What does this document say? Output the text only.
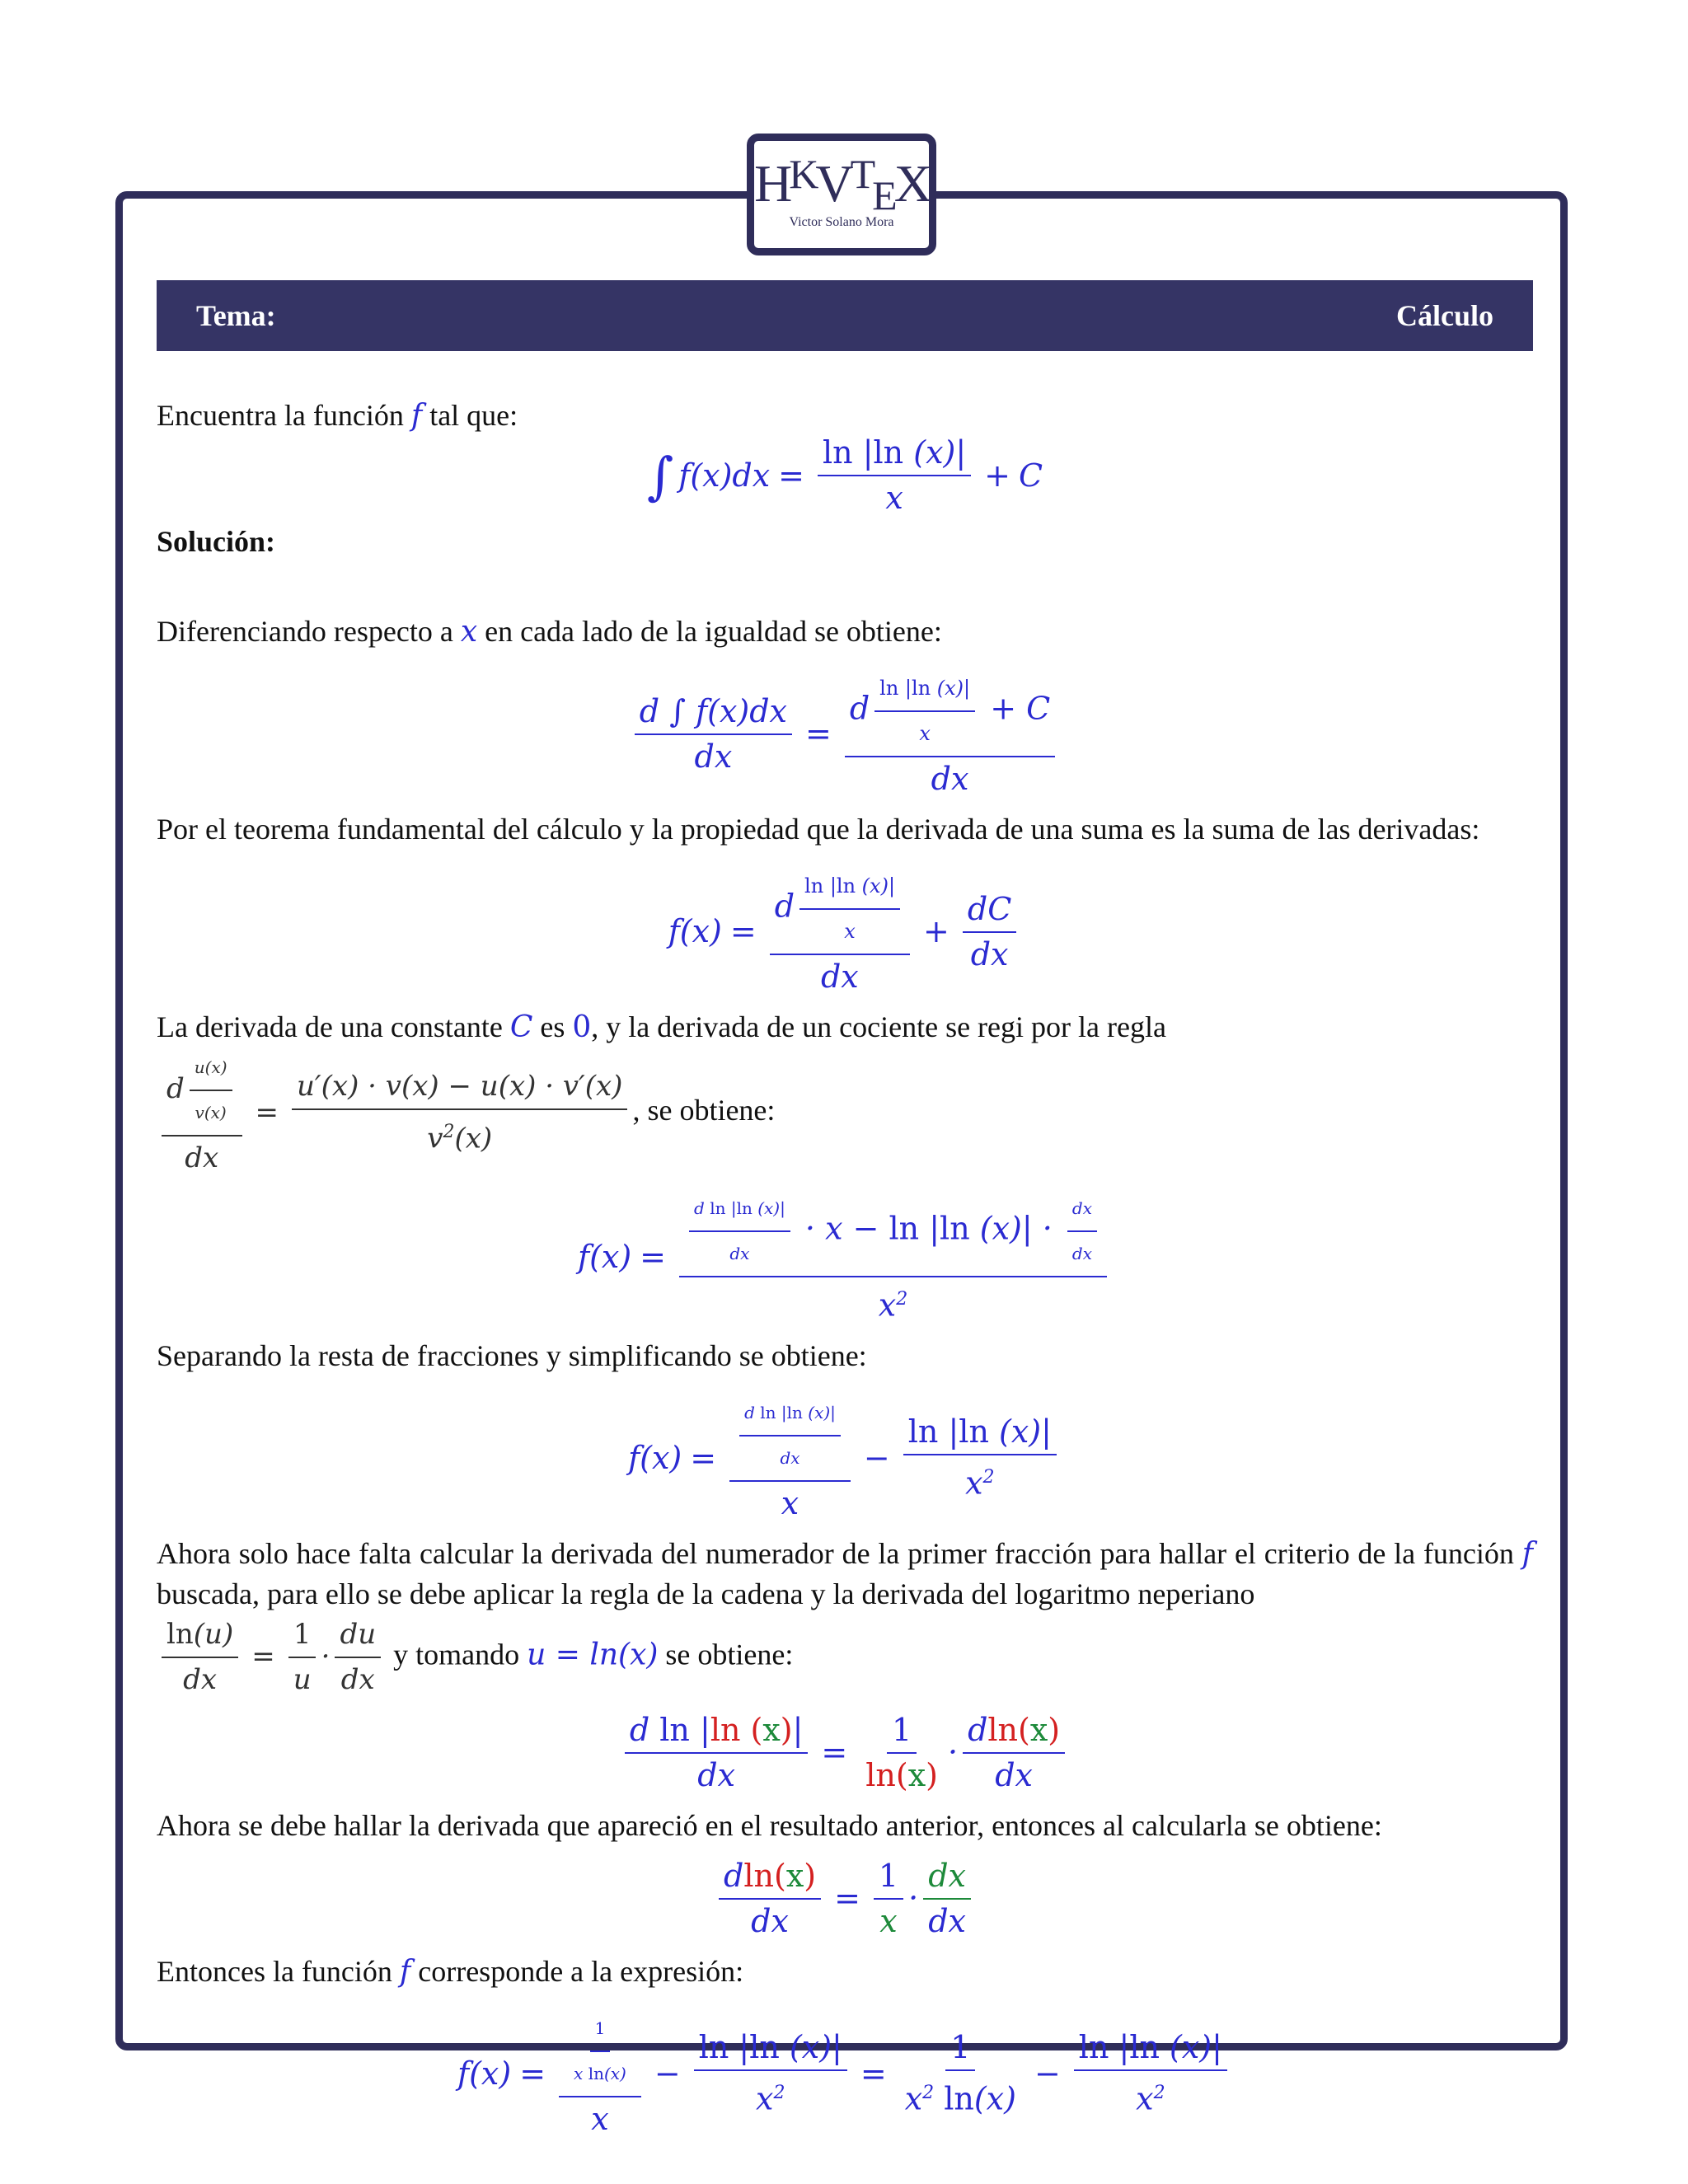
$H^KV^TEX$
Victor Solano Mora
Tema:	Cálculo

Encuentra la función f tal que:

∫ $f(x)dx = \frac{\ln |\ln (x)|}{x} + C$

Solución:

Diferenciando respecto a x en cada lado de la igualdad se obtiene:

$\frac{d \int f(x)dx}{dx} = \frac{d \frac{\ln |\ln (x)|}{x} + C}{dx}$

Por el teorema fundamental del cálculo y la propiedad que la derivada de una suma es la suma de las derivadas:

$f(x) = \frac{d \frac{\ln |\ln (x)|}{x}}{dx} + \frac{dC}{dx}$

La derivada de una constante C es 0, y la derivada de un cociente se regi por la regla

$\frac{d \frac{u(x)}{v(x)}}{dx} = \frac{u'(x) \cdot v(x) - u(x) \cdot v'(x)}{v^2(x)}$ , se obtiene:

$f(x) = \frac{\frac{\text{d ln |ln (x)|}}{dx} \cdot x - \ln |\ln (x)| \cdot \frac{dx}{dx}}{x^2}$

Separando la resta de fracciones y simplificando se obtiene:

$f(x) = \frac{\frac{\text{d ln |ln (x)|}}{dx}}{x} - \frac{\ln |\ln (x)|}{x^2}$

Ahora solo hace falta calcular la derivada del numerador de la primer fracción para hallar el criterio de la función f buscada, para ello se debe aplicar la regla de la cadena y la derivada del logaritmo neperiano

$\frac{\ln(u)}{dx} = \frac{1}{u} \cdot \frac{du}{dx}$ y tomando u = ln(x) se obtiene:

$\frac{\text{d ln |ln (x)|}}{dx} = \frac{1}{\ln(x)} \cdot \frac{dln(x)}{dx}$

Ahora se debe hallar la derivada que apareció en el resultado anterior, entonces al calcularla se obtiene:

$\frac{dln(x)}{dx} = \frac{1}{x} \cdot \frac{dx}{dx}$

Entonces la función f corresponde a la expresión:

$f(x) = \frac{\frac{1}{\text{x ln(x)}}}{x} - \frac{\ln |\ln (x)|}{x^2} = \frac{1}{x^2 \ln(x)} - \frac{\ln |\ln (x)|}{x^2}$
